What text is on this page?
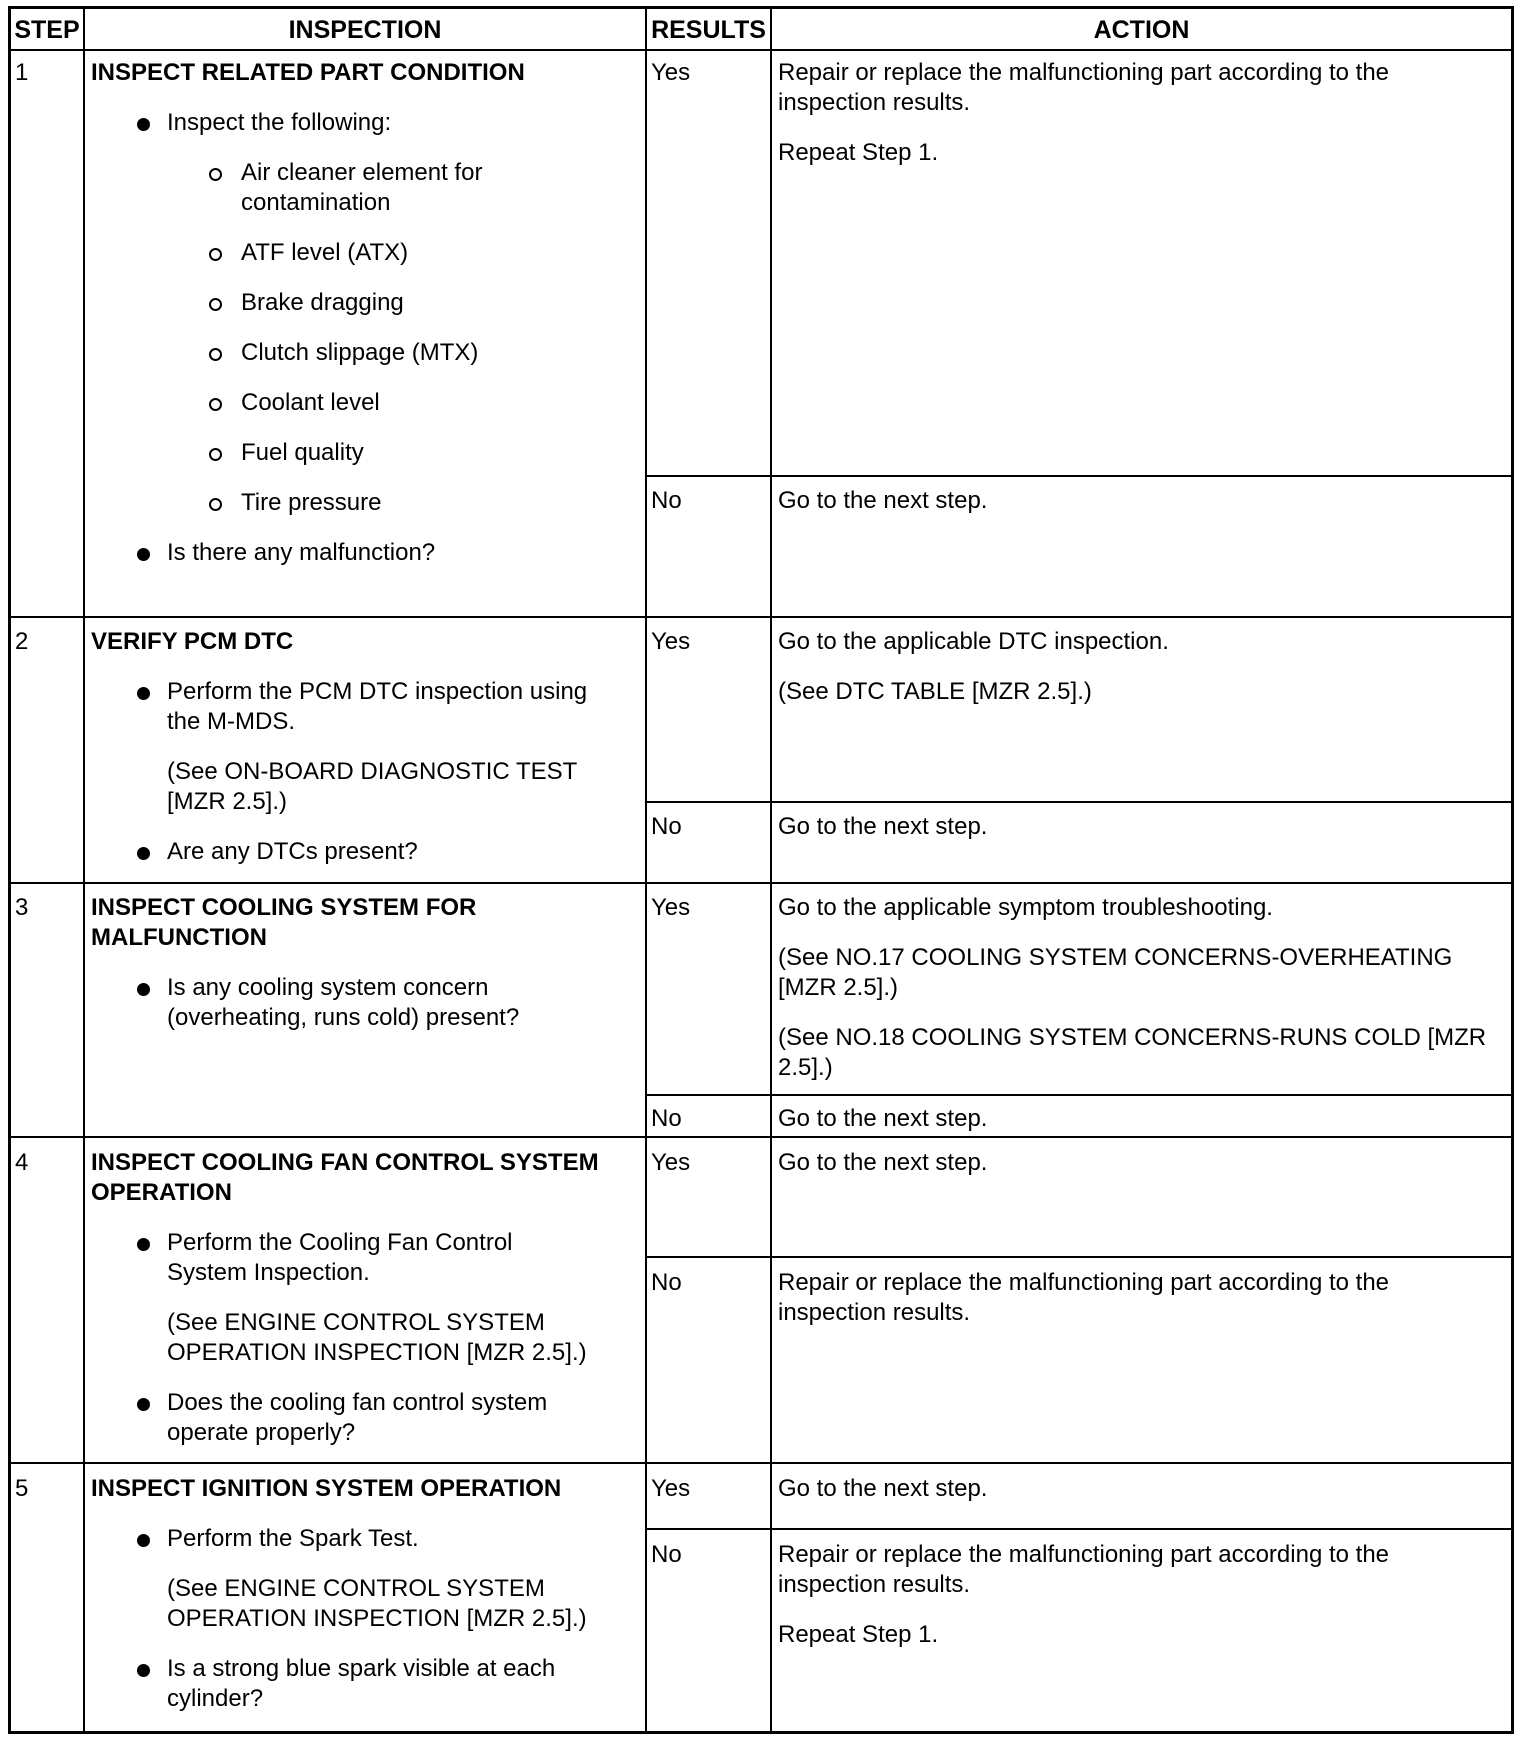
STEP	INSPECTION	RESULTS	ACTION
1	INSPECT RELATED PART CONDITION

Inspect the following:

Air cleaner element for contamination

ATF level (ATX)

Brake dragging

Clutch slippage (MTX)

Coolant level

Fuel quality

Tire pressure

Is there any malfunction?

Yes	Repair or replace the malfunctioning part according to the inspection results.

Repeat Step 1.

No	Go to the next step.
2	VERIFY PCM DTC

Perform the PCM DTC inspection using the M-MDS.

(See ON-BOARD DIAGNOSTIC TEST [MZR 2.5].)

Are any DTCs present?

Yes	Go to the applicable DTC inspection.

(See DTC TABLE [MZR 2.5].)

No	Go to the next step.
3	INSPECT COOLING SYSTEM FOR MALFUNCTION

Is any cooling system concern (overheating, runs cold) present?

Yes	Go to the applicable symptom troubleshooting.

(See NO.17 COOLING SYSTEM CONCERNS-OVERHEATING [MZR 2.5].)

(See NO.18 COOLING SYSTEM CONCERNS-RUNS COLD [MZR 2.5].)

No	Go to the next step.
4	INSPECT COOLING FAN CONTROL SYSTEM OPERATION

Perform the Cooling Fan Control System Inspection.

(See ENGINE CONTROL SYSTEM OPERATION INSPECTION [MZR 2.5].)

Does the cooling fan control system operate properly?

Yes	Go to the next step.
No	Repair or replace the malfunctioning part according to the inspection results.
5	INSPECT IGNITION SYSTEM OPERATION

Perform the Spark Test.

(See ENGINE CONTROL SYSTEM OPERATION INSPECTION [MZR 2.5].)

Is a strong blue spark visible at each cylinder?

Yes	Go to the next step.
No	Repair or replace the malfunctioning part according to the inspection results.

Repeat Step 1.
